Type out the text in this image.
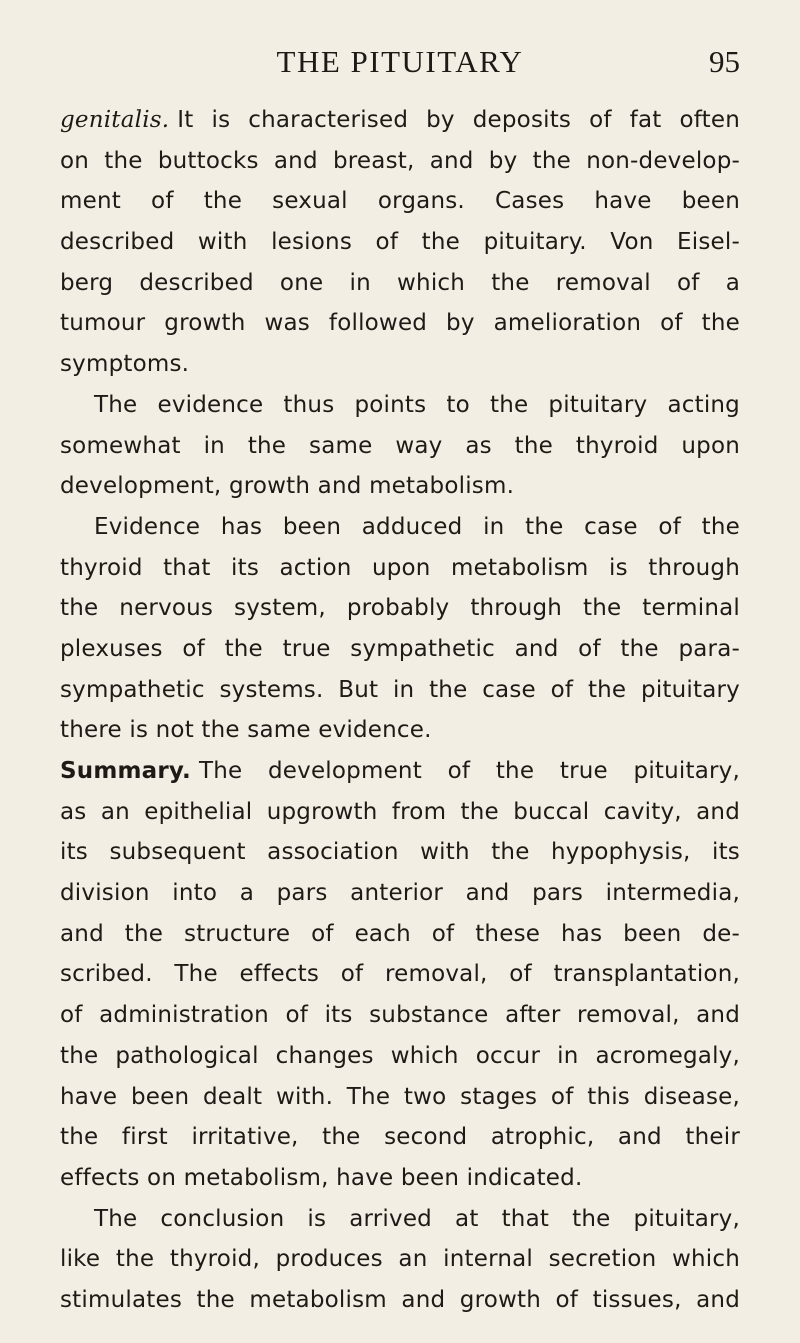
THE PITUITARY	95
genitalis. It is characterised by deposits of fat often
on the buttocks and breast, and by the non-develop-
ment of the sexual organs. Cases have been
described with lesions of the pituitary. Von Eisel-
berg described one in which the removal of a
tumour growth was followed by amelioration of the
symptoms.
The evidence thus points to the pituitary acting
somewhat in the same way as the thyroid upon
development, growth and metabolism.
Evidence has been adduced in the case of the
thyroid that its action upon metabolism is through
the nervous system, probably through the terminal
plexuses of the true sympathetic and of the para-
sympathetic systems. But in the case of the pituitary
there is not the same evidence.
Summary. The development of the true pituitary,
as an epithelial upgrowth from the buccal cavity, and
its subsequent association with the hypophysis, its
division into a pars anterior and pars intermedia,
and the structure of each of these has been de-
scribed. The effects of removal, of transplantation,
of administration of its substance after removal, and
the pathological changes which occur in acromegaly,
have been dealt with. The two stages of this disease,
the first irritative, the second atrophic, and their
effects on metabolism, have been indicated.
The conclusion is arrived at that the pituitary,
like the thyroid, produces an internal secretion which
stimulates the metabolism and growth of tissues, and
